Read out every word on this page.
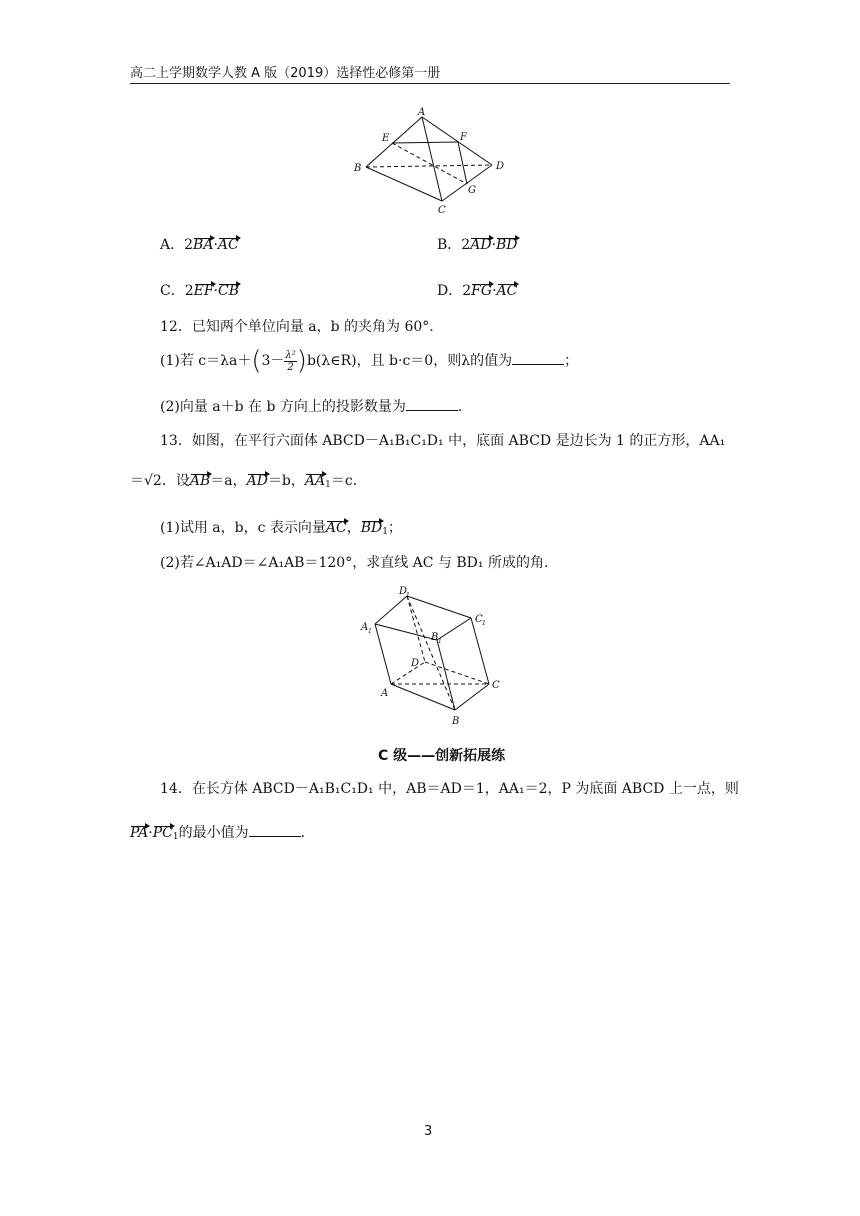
高二上学期数学人教 A 版（2019）选择性必修第一册
A
B
C
D
E	F
G
A．2BA·AC	B．2AD·BD
C．2EF·CB	D．2FG·AC
12．已知两个单位向量 a，b 的夹角为 60°.
(1)若 $c=\lambda a+(3- \frac{\text{λ²}}{2})b(\lambda\in R)$，且 b·c＝0，则λ的值为	；
(2)向量 a＋b 在 b 方向上的投影数量为	.
13．如图，在平行六面体 ABCD－A₁B₁C₁D₁ 中，底面 ABCD 是边长为 1 的正方形，AA₁
＝√2．设AB＝a，AD＝b，$AA_1=c$.
(1)试用 a，b，c 表示向量AC，$BD_1$；
(2)若∠A₁AD＝∠A₁AB＝120°，求直线 AC 与 BD₁ 所成的角.
D
1
A 1
B 1
C 1
D
A
B
C
C 级——创新拓展练
14．在长方体 ABCD－A₁B₁C₁D₁ 中，AB＝AD＝1，AA₁＝2，P 为底面 ABCD 上一点，则
$PA\cdot PC_1$的最小值为	.
3
